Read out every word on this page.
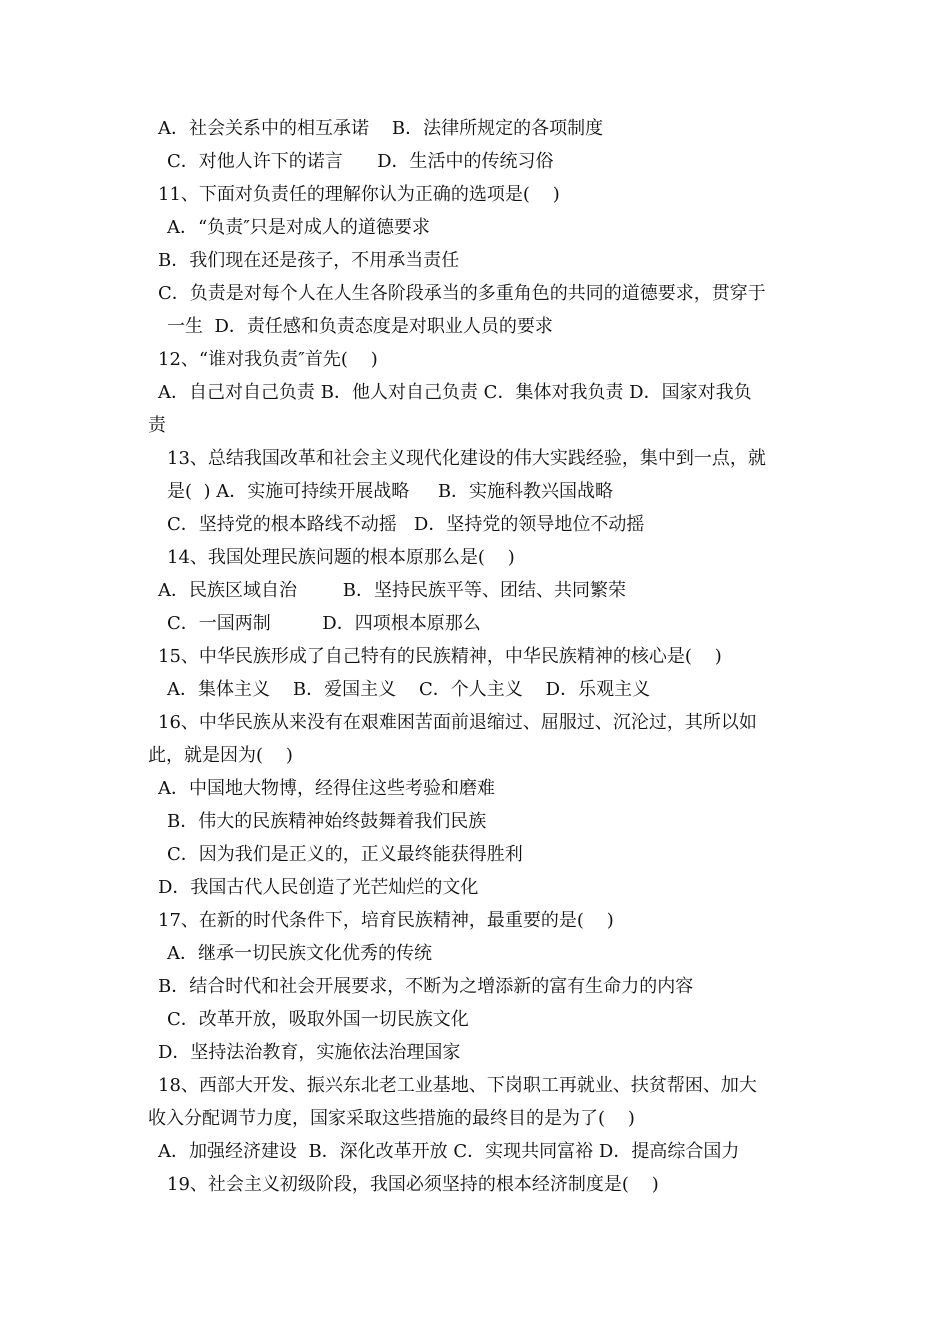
A．社会关系中的相互承诺    B．法律所规定的各项制度
C．对他人许下的诺言      D．生活中的传统习俗
11、下面对负责任的理解你认为正确的选项是(    )
A．“负责″只是对成人的道德要求
B．我们现在还是孩子，不用承当责任
C．负责是对每个人在人生各阶段承当的多重角色的共同的道德要求，贯穿于
一生  D．责任感和负责态度是对职业人员的要求
12、“谁对我负责″首先(    )
A．自己对自己负责 B．他人对自己负责 C．集体对我负责 D．国家对我负
责
13、总结我国改革和社会主义现代化建设的伟大实践经验，集中到一点，就
是(  ) A．实施可持续开展战略     B．实施科教兴国战略
C．坚持党的根本路线不动摇   D．坚持党的领导地位不动摇
14、我国处理民族问题的根本原那么是(    )
A．民族区域自治        B．坚持民族平等、团结、共同繁荣
C．一国两制         D．四项根本原那么
15、中华民族形成了自己特有的民族精神，中华民族精神的核心是(    )
A．集体主义    B．爱国主义    C．个人主义    D．乐观主义
16、中华民族从来没有在艰难困苦面前退缩过、屈服过、沉沦过，其所以如
此，就是因为(    )
A．中国地大物博，经得住这些考验和磨难
B．伟大的民族精神始终鼓舞着我们民族
C．因为我们是正义的，正义最终能获得胜利
D．我国古代人民创造了光芒灿烂的文化
17、在新的时代条件下，培育民族精神，最重要的是(    )
A．继承一切民族文化优秀的传统
B．结合时代和社会开展要求，不断为之增添新的富有生命力的内容
C．改革开放，吸取外国一切民族文化
D．坚持法治教育，实施依法治理国家
18、西部大开发、振兴东北老工业基地、下岗职工再就业、扶贫帮困、加大
收入分配调节力度，国家采取这些措施的最终目的是为了(    )
A．加强经济建设  B．深化改革开放 C．实现共同富裕 D．提高综合国力
19、社会主义初级阶段，我国必须坚持的根本经济制度是(    )
